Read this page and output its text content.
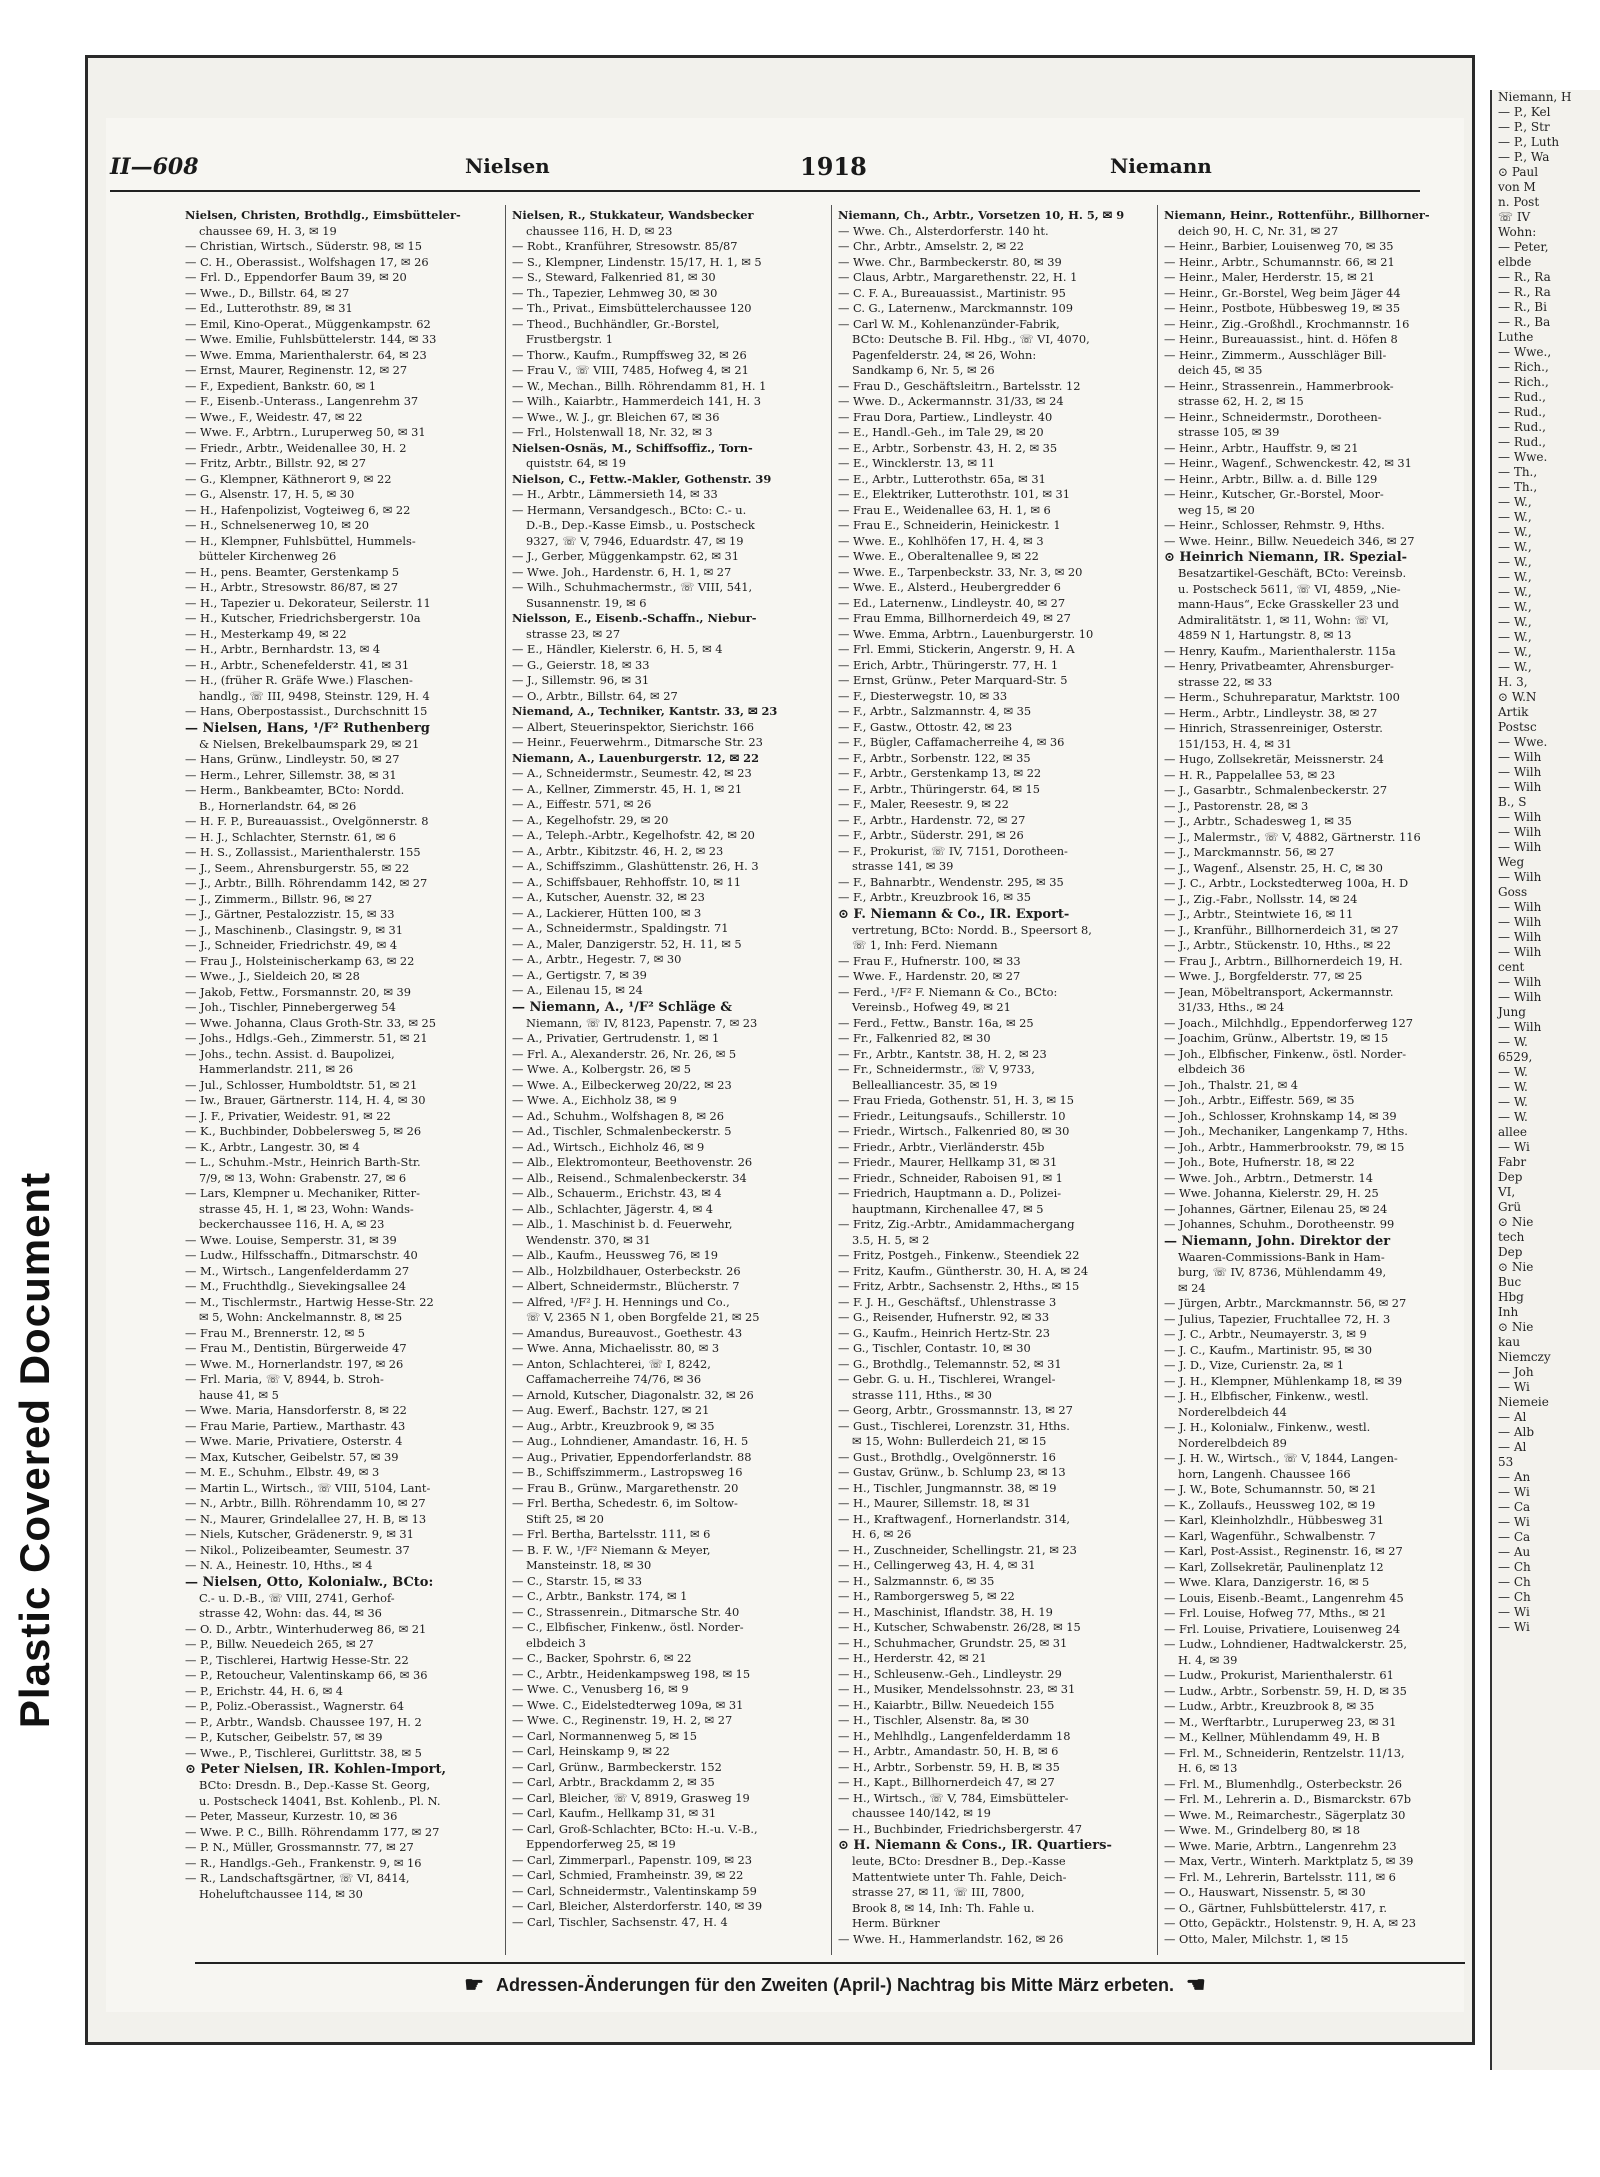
Plastic Covered Document
Niemann, H
— P., Kel
— P., Str
— P., Luth
— P., Wa
⊙ Paul
von M
n. Post
☏ IV
Wohn:
— Peter,
elbde
— R., Ra
— R., Ra
— R., Bi
— R., Ba
Luthe
— Wwe.,
— Rich.,
— Rich.,
— Rud.,
— Rud.,
— Rud.,
— Rud.,
— Wwe.
— Th.,
— Th.,
— W.,
— W.,
— W.,
— W.,
— W.,
— W.,
— W.,
— W.,
— W.,
— W.,
— W.,
— W.,
H. 3,
⊙ W.N
Artik
Postsc
— Wwe.
— Wilh
— Wilh
— Wilh
B., S
— Wilh
— Wilh
— Wilh
Weg
— Wilh
Goss
— Wilh
— Wilh
— Wilh
— Wilh
cent
— Wilh
— Wilh
Jung
— Wilh
— W.
6529,
— W.
— W.
— W.
— W.
allee
— Wi
Fabr
Dep
VI,
Grü
⊙ Nie
tech
Dep
⊙ Nie
Buc
Hbg
Inh
⊙ Nie
kau
Niemczy
— Joh
— Wi
Niemeie
— Al
— Alb
— Al
53
— An
— Wi
— Ca
— Wi
— Ca
— Au
— Ch
— Ch
— Ch
— Wi
— Wi
II—608	Nielsen	1918	Niemann
Nielsen, Christen, Brothdlg., Eimsbütteler-
chaussee 69, H. 3, ✉ 19
— Christian, Wirtsch., Süderstr. 98, ✉ 15
— C. H., Oberassist., Wolfshagen 17, ✉ 26
— Frl. D., Eppendorfer Baum 39, ✉ 20
— Wwe., D., Billstr. 64, ✉ 27
— Ed., Lutterothstr. 89, ✉ 31
— Emil, Kino-Operat., Müggenkampstr. 62
— Wwe. Emilie, Fuhlsbüttelerstr. 144, ✉ 33
— Wwe. Emma, Marienthalerstr. 64, ✉ 23
— Ernst, Maurer, Reginenstr. 12, ✉ 27
— F., Expedient, Bankstr. 60, ✉ 1
— F., Eisenb.-Unterass., Langenrehm 37
— Wwe., F., Weidestr. 47, ✉ 22
— Wwe. F., Arbtrn., Luruperweg 50, ✉ 31
— Friedr., Arbtr., Weidenallee 30, H. 2
— Fritz, Arbtr., Billstr. 92, ✉ 27
— G., Klempner, Käthnerort 9, ✉ 22
— G., Alsenstr. 17, H. 5, ✉ 30
— H., Hafenpolizist, Vogteiweg 6, ✉ 22
— H., Schnelsenerweg 10, ✉ 20
— H., Klempner, Fuhlsbüttel, Hummels-
bütteler Kirchenweg 26
— H., pens. Beamter, Gerstenkamp 5
— H., Arbtr., Stresowstr. 86/87, ✉ 27
— H., Tapezier u. Dekorateur, Seilerstr. 11
— H., Kutscher, Friedrichsbergerstr. 10a
— H., Mesterkamp 49, ✉ 22
— H., Arbtr., Bernhardstr. 13, ✉ 4
— H., Arbtr., Schenefelderstr. 41, ✉ 31
— H., (früher R. Gräfe Wwe.) Flaschen-
handlg., ☏ III, 9498, Steinstr. 129, H. 4
— Hans, Oberpostassist., Durchschnitt 15
— Nielsen, Hans, ¹/F² Ruthenberg
& Nielsen, Brekelbaumspark 29, ✉ 21
— Hans, Grünw., Lindleystr. 50, ✉ 27
— Herm., Lehrer, Sillemstr. 38, ✉ 31
— Herm., Bankbeamter, BCto: Nordd.
B., Hornerlandstr. 64, ✉ 26
— H. F. P., Bureauassist., Ovelgönnerstr. 8
— H. J., Schlachter, Sternstr. 61, ✉ 6
— H. S., Zollassist., Marienthalerstr. 155
— J., Seem., Ahrensburgerstr. 55, ✉ 22
— J., Arbtr., Billh. Röhrendamm 142, ✉ 27
— J., Zimmerm., Billstr. 96, ✉ 27
— J., Gärtner, Pestalozzistr. 15, ✉ 33
— J., Maschinenb., Clasingstr. 9, ✉ 31
— J., Schneider, Friedrichstr. 49, ✉ 4
— Frau J., Holsteinischerkamp 63, ✉ 22
— Wwe., J., Sieldeich 20, ✉ 28
— Jakob, Fettw., Forsmannstr. 20, ✉ 39
— Joh., Tischler, Pinnebergerweg 54
— Wwe. Johanna, Claus Groth-Str. 33, ✉ 25
— Johs., Hdlgs.-Geh., Zimmerstr. 51, ✉ 21
— Johs., techn. Assist. d. Baupolizei,
Hammerlandstr. 211, ✉ 26
— Jul., Schlosser, Humboldtstr. 51, ✉ 21
— Iw., Brauer, Gärtnerstr. 114, H. 4, ✉ 30
— J. F., Privatier, Weidestr. 91, ✉ 22
— K., Buchbinder, Dobbelersweg 5, ✉ 26
— K., Arbtr., Langestr. 30, ✉ 4
— L., Schuhm.-Mstr., Heinrich Barth-Str.
7/9, ✉ 13, Wohn: Grabenstr. 27, ✉ 6
— Lars, Klempner u. Mechaniker, Ritter-
strasse 45, H. 1, ✉ 23, Wohn: Wands-
beckerchaussee 116, H. A, ✉ 23
— Wwe. Louise, Semperstr. 31, ✉ 39
— Ludw., Hilfsschaffn., Ditmarschstr. 40
— M., Wirtsch., Langenfelderdamm 27
— M., Fruchthdlg., Sievekingsallee 24
— M., Tischlermstr., Hartwig Hesse-Str. 22
✉ 5, Wohn: Anckelmannstr. 8, ✉ 25
— Frau M., Brennerstr. 12, ✉ 5
— Frau M., Dentistin, Bürgerweide 47
— Wwe. M., Hornerlandstr. 197, ✉ 26
— Frl. Maria, ☏ V, 8944, b. Stroh-
hause 41, ✉ 5
— Wwe. Maria, Hansdorferstr. 8, ✉ 22
— Frau Marie, Partiew., Marthastr. 43
— Wwe. Marie, Privatiere, Osterstr. 4
— Max, Kutscher, Geibelstr. 57, ✉ 39
— M. E., Schuhm., Elbstr. 49, ✉ 3
— Martin L., Wirtsch., ☏ VIII, 5104, Lant-
— N., Arbtr., Billh. Röhrendamm 10, ✉ 27
— N., Maurer, Grindelallee 27, H. B, ✉ 13
— Niels, Kutscher, Grädenerstr. 9, ✉ 31
— Nikol., Polizeibeamter, Seumestr. 37
— N. A., Heinestr. 10, Hths., ✉ 4
— Nielsen, Otto, Kolonialw., BCto:
C.- u. D.-B., ☏ VIII, 2741, Gerhof-
strasse 42, Wohn: das. 44, ✉ 36
— O. D., Arbtr., Winterhuderweg 86, ✉ 21
— P., Billw. Neuedeich 265, ✉ 27
— P., Tischlerei, Hartwig Hesse-Str. 22
— P., Retoucheur, Valentinskamp 66, ✉ 36
— P., Erichstr. 44, H. 6, ✉ 4
— P., Poliz.-Oberassist., Wagnerstr. 64
— P., Arbtr., Wandsb. Chaussee 197, H. 2
— P., Kutscher, Geibelstr. 57, ✉ 39
— Wwe., P., Tischlerei, Gurlittstr. 38, ✉ 5
⊙ Peter Nielsen, IR. Kohlen-Import,
BCto: Dresdn. B., Dep.-Kasse St. Georg,
u. Postscheck 14041, Bst. Kohlenb., Pl. N.
— Peter, Masseur, Kurzestr. 10, ✉ 36
— Wwe. P. C., Billh. Röhrendamm 177, ✉ 27
— P. N., Müller, Grossmannstr. 77, ✉ 27
— R., Handlgs.-Geh., Frankenstr. 9, ✉ 16
— R., Landschaftsgärtner, ☏ VI, 8414,
Hoheluftchaussee 114, ✉ 30
Nielsen, R., Stukkateur, Wandsbecker
chaussee 116, H. D, ✉ 23
— Robt., Kranführer, Stresowstr. 85/87
— S., Klempner, Lindenstr. 15/17, H. 1, ✉ 5
— S., Steward, Falkenried 81, ✉ 30
— Th., Tapezier, Lehmweg 30, ✉ 30
— Th., Privat., Eimsbüttelerchaussee 120
— Theod., Buchhändler, Gr.-Borstel,
Frustbergstr. 1
— Thorw., Kaufm., Rumpffsweg 32, ✉ 26
— Frau V., ☏ VIII, 7485, Hofweg 4, ✉ 21
— W., Mechan., Billh. Röhrendamm 81, H. 1
— Wilh., Kaiarbtr., Hammerdeich 141, H. 3
— Wwe., W. J., gr. Bleichen 67, ✉ 36
— Frl., Holstenwall 18, Nr. 32, ✉ 3
Nielsen-Osnäs, M., Schiffsoffiz., Torn-
quiststr. 64, ✉ 19
Nielson, C., Fettw.-Makler, Gothenstr. 39
— H., Arbtr., Lämmersieth 14, ✉ 33
— Hermann, Versandgesch., BCto: C.- u.
D.-B., Dep.-Kasse Eimsb., u. Postscheck
9327, ☏ V, 7946, Eduardstr. 47, ✉ 19
— J., Gerber, Müggenkampstr. 62, ✉ 31
— Wwe. Joh., Hardenstr. 6, H. 1, ✉ 27
— Wilh., Schuhmachermstr., ☏ VIII, 541,
Susannenstr. 19, ✉ 6
Nielsson, E., Eisenb.-Schaffn., Niebur-
strasse 23, ✉ 27
— E., Händler, Kielerstr. 6, H. 5, ✉ 4
— G., Geierstr. 18, ✉ 33
— J., Sillemstr. 96, ✉ 31
— O., Arbtr., Billstr. 64, ✉ 27
Niemand, A., Techniker, Kantstr. 33, ✉ 23
— Albert, Steuerinspektor, Sierichstr. 166
— Heinr., Feuerwehrm., Ditmarsche Str. 23
Niemann, A., Lauenburgerstr. 12, ✉ 22
— A., Schneidermstr., Seumestr. 42, ✉ 23
— A., Kellner, Zimmerstr. 45, H. 1, ✉ 21
— A., Eiffestr. 571, ✉ 26
— A., Kegelhofstr. 29, ✉ 20
— A., Teleph.-Arbtr., Kegelhofstr. 42, ✉ 20
— A., Arbtr., Kibitzstr. 46, H. 2, ✉ 23
— A., Schiffszimm., Glashüttenstr. 26, H. 3
— A., Schiffsbauer, Rehhoffstr. 10, ✉ 11
— A., Kutscher, Auenstr. 32, ✉ 23
— A., Lackierer, Hütten 100, ✉ 3
— A., Schneidermstr., Spaldingstr. 71
— A., Maler, Danzigerstr. 52, H. 11, ✉ 5
— A., Arbtr., Hegestr. 7, ✉ 30
— A., Gertigstr. 7, ✉ 39
— A., Eilenau 15, ✉ 24
— Niemann, A., ¹/F² Schläge &
Niemann, ☏ IV, 8123, Papenstr. 7, ✉ 23
— A., Privatier, Gertrudenstr. 1, ✉ 1
— Frl. A., Alexanderstr. 26, Nr. 26, ✉ 5
— Wwe. A., Kolbergstr. 26, ✉ 5
— Wwe. A., Eilbeckerweg 20/22, ✉ 23
— Wwe. A., Eichholz 38, ✉ 9
— Ad., Schuhm., Wolfshagen 8, ✉ 26
— Ad., Tischler, Schmalenbeckerstr. 5
— Ad., Wirtsch., Eichholz 46, ✉ 9
— Alb., Elektromonteur, Beethovenstr. 26
— Alb., Reisend., Schmalenbeckerstr. 34
— Alb., Schauerm., Erichstr. 43, ✉ 4
— Alb., Schlachter, Jägerstr. 4, ✉ 4
— Alb., 1. Maschinist b. d. Feuerwehr,
Wendenstr. 370, ✉ 31
— Alb., Kaufm., Heussweg 76, ✉ 19
— Alb., Holzbildhauer, Osterbeckstr. 26
— Albert, Schneidermstr., Blücherstr. 7
— Alfred, ¹/F² J. H. Hennings und Co.,
☏ V, 2365 N 1, oben Borgfelde 21, ✉ 25
— Amandus, Bureauvost., Goethestr. 43
— Wwe. Anna, Michaelisstr. 80, ✉ 3
— Anton, Schlachterei, ☏ I, 8242,
Caffamacherreihe 74/76, ✉ 36
— Arnold, Kutscher, Diagonalstr. 32, ✉ 26
— Aug. Ewerf., Bachstr. 127, ✉ 21
— Aug., Arbtr., Kreuzbrook 9, ✉ 35
— Aug., Lohndiener, Amandastr. 16, H. 5
— Aug., Privatier, Eppendorferlandstr. 88
— B., Schiffszimmerm., Lastropsweg 16
— Frau B., Grünw., Margarethenstr. 20
— Frl. Bertha, Schedestr. 6, im Soltow-
Stift 25, ✉ 20
— Frl. Bertha, Bartelsstr. 111, ✉ 6
— B. F. W., ¹/F² Niemann & Meyer,
Mansteinstr. 18, ✉ 30
— C., Starstr. 15, ✉ 33
— C., Arbtr., Bankstr. 174, ✉ 1
— C., Strassenrein., Ditmarsche Str. 40
— C., Elbfischer, Finkenw., östl. Norder-
elbdeich 3
— C., Backer, Spohrstr. 6, ✉ 22
— C., Arbtr., Heidenkampsweg 198, ✉ 15
— Wwe. C., Venusberg 16, ✉ 9
— Wwe. C., Eidelstedterweg 109a, ✉ 31
— Wwe. C., Reginenstr. 19, H. 2, ✉ 27
— Carl, Normannenweg 5, ✉ 15
— Carl, Heinskamp 9, ✉ 22
— Carl, Grünw., Barmbeckerstr. 152
— Carl, Arbtr., Brackdamm 2, ✉ 35
— Carl, Bleicher, ☏ V, 8919, Grasweg 19
— Carl, Kaufm., Hellkamp 31, ✉ 31
— Carl, Groß-Schlachter, BCto: H.-u. V.-B.,
Eppendorferweg 25, ✉ 19
— Carl, Zimmerparl., Papenstr. 109, ✉ 23
— Carl, Schmied, Framheinstr. 39, ✉ 22
— Carl, Schneidermstr., Valentinskamp 59
— Carl, Bleicher, Alsterdorferstr. 140, ✉ 39
— Carl, Tischler, Sachsenstr. 47, H. 4
Niemann, Ch., Arbtr., Vorsetzen 10, H. 5, ✉ 9
— Wwe. Ch., Alsterdorferstr. 140 ht.
— Chr., Arbtr., Amselstr. 2, ✉ 22
— Wwe. Chr., Barmbeckerstr. 80, ✉ 39
— Claus, Arbtr., Margarethenstr. 22, H. 1
— C. F. A., Bureauassist., Martinistr. 95
— C. G., Laternenw., Marckmannstr. 109
— Carl W. M., Kohlenanzünder-Fabrik,
BCto: Deutsche B. Fil. Hbg., ☏ VI, 4070,
Pagenfelderstr. 24, ✉ 26, Wohn:
Sandkamp 6, Nr. 5, ✉ 26
— Frau D., Geschäftsleitrn., Bartelsstr. 12
— Wwe. D., Ackermannstr. 31/33, ✉ 24
— Frau Dora, Partiew., Lindleystr. 40
— E., Handl.-Geh., im Tale 29, ✉ 20
— E., Arbtr., Sorbenstr. 43, H. 2, ✉ 35
— E., Wincklerstr. 13, ✉ 11
— E., Arbtr., Lutterothstr. 65a, ✉ 31
— E., Elektriker, Lutterothstr. 101, ✉ 31
— Frau E., Weidenallee 63, H. 1, ✉ 6
— Frau E., Schneiderin, Heinickestr. 1
— Wwe. E., Kohlhöfen 17, H. 4, ✉ 3
— Wwe. E., Oberaltenallee 9, ✉ 22
— Wwe. E., Tarpenbeckstr. 33, Nr. 3, ✉ 20
— Wwe. E., Alsterd., Heubergredder 6
— Ed., Laternenw., Lindleystr. 40, ✉ 27
— Frau Emma, Billhornerdeich 49, ✉ 27
— Wwe. Emma, Arbtrn., Lauenburgerstr. 10
— Frl. Emmi, Stickerin, Angerstr. 9, H. A
— Erich, Arbtr., Thüringerstr. 77, H. 1
— Ernst, Grünw., Peter Marquard-Str. 5
— F., Diesterwegstr. 10, ✉ 33
— F., Arbtr., Salzmannstr. 4, ✉ 35
— F., Gastw., Ottostr. 42, ✉ 23
— F., Bügler, Caffamacherreihe 4, ✉ 36
— F., Arbtr., Sorbenstr. 122, ✉ 35
— F., Arbtr., Gerstenkamp 13, ✉ 22
— F., Arbtr., Thüringerstr. 64, ✉ 15
— F., Maler, Reesestr. 9, ✉ 22
— F., Arbtr., Hardenstr. 72, ✉ 27
— F., Arbtr., Süderstr. 291, ✉ 26
— F., Prokurist, ☏ IV, 7151, Dorotheen-
strasse 141, ✉ 39
— F., Bahnarbtr., Wendenstr. 295, ✉ 35
— F., Arbtr., Kreuzbrook 16, ✉ 35
⊙ F. Niemann & Co., IR. Export-
vertretung, BCto: Nordd. B., Speersort 8,
☏ 1, Inh: Ferd. Niemann
— Frau F., Hufnerstr. 100, ✉ 33
— Wwe. F., Hardenstr. 20, ✉ 27
— Ferd., ¹/F² F. Niemann & Co., BCto:
Vereinsb., Hofweg 49, ✉ 21
— Ferd., Fettw., Banstr. 16a, ✉ 25
— Fr., Falkenried 82, ✉ 30
— Fr., Arbtr., Kantstr. 38, H. 2, ✉ 23
— Fr., Schneidermstr., ☏ V, 9733,
Bellealliancestr. 35, ✉ 19
— Frau Frieda, Gothenstr. 51, H. 3, ✉ 15
— Friedr., Leitungsaufs., Schillerstr. 10
— Friedr., Wirtsch., Falkenried 80, ✉ 30
— Friedr., Arbtr., Vierländerstr. 45b
— Friedr., Maurer, Hellkamp 31, ✉ 31
— Friedr., Schneider, Raboisen 91, ✉ 1
— Friedrich, Hauptmann a. D., Polizei-
hauptmann, Kirchenallee 47, ✉ 5
— Fritz, Zig.-Arbtr., Amidammachergang
3.5, H. 5, ✉ 2
— Fritz, Postgeh., Finkenw., Steendiek 22
— Fritz, Kaufm., Güntherstr. 30, H. A, ✉ 24
— Fritz, Arbtr., Sachsenstr. 2, Hths., ✉ 15
— F. J. H., Geschäftsf., Uhlenstrasse 3
— G., Reisender, Hufnerstr. 92, ✉ 33
— G., Kaufm., Heinrich Hertz-Str. 23
— G., Tischler, Contastr. 10, ✉ 30
— G., Brothdlg., Telemannstr. 52, ✉ 31
— Gebr. G. u. H., Tischlerei, Wrangel-
strasse 111, Hths., ✉ 30
— Georg, Arbtr., Grossmannstr. 13, ✉ 27
— Gust., Tischlerei, Lorenzstr. 31, Hths.
✉ 15, Wohn: Bullerdeich 21, ✉ 15
— Gust., Brothdlg., Ovelgönnerstr. 16
— Gustav, Grünw., b. Schlump 23, ✉ 13
— H., Tischler, Jungmannstr. 38, ✉ 19
— H., Maurer, Sillemstr. 18, ✉ 31
— H., Kraftwagenf., Hornerlandstr. 314,
H. 6, ✉ 26
— H., Zuschneider, Schellingstr. 21, ✉ 23
— H., Cellingerweg 43, H. 4, ✉ 31
— H., Salzmannstr. 6, ✉ 35
— H., Ramborgersweg 5, ✉ 22
— H., Maschinist, Iflandstr. 38, H. 19
— H., Kutscher, Schwabenstr. 26/28, ✉ 15
— H., Schuhmacher, Grundstr. 25, ✉ 31
— H., Herderstr. 42, ✉ 21
— H., Schleusenw.-Geh., Lindleystr. 29
— H., Musiker, Mendelssohnstr. 23, ✉ 31
— H., Kaiarbtr., Billw. Neuedeich 155
— H., Tischler, Alsenstr. 8a, ✉ 30
— H., Mehlhdlg., Langenfelderdamm 18
— H., Arbtr., Amandastr. 50, H. B, ✉ 6
— H., Arbtr., Sorbenstr. 59, H. B, ✉ 35
— H., Kapt., Billhornerdeich 47, ✉ 27
— H., Wirtsch., ☏ V, 784, Eimsbütteler-
chaussee 140/142, ✉ 19
— H., Buchbinder, Friedrichsbergerstr. 47
⊙ H. Niemann & Cons., IR. Quartiers-
leute, BCto: Dresdner B., Dep.-Kasse
Mattentwiete unter Th. Fahle, Deich-
strasse 27, ✉ 11, ☏ III, 7800,
Brook 8, ✉ 14, Inh: Th. Fahle u.
Herm. Bürkner
— Wwe. H., Hammerlandstr. 162, ✉ 26
Niemann, Heinr., Rottenführ., Billhorner-
deich 90, H. C, Nr. 31, ✉ 27
— Heinr., Barbier, Louisenweg 70, ✉ 35
— Heinr., Arbtr., Schumannstr. 66, ✉ 21
— Heinr., Maler, Herderstr. 15, ✉ 21
— Heinr., Gr.-Borstel, Weg beim Jäger 44
— Heinr., Postbote, Hübbesweg 19, ✉ 35
— Heinr., Zig.-Großhdl., Krochmannstr. 16
— Heinr., Bureauassist., hint. d. Höfen 8
— Heinr., Zimmerm., Ausschläger Bill-
deich 45, ✉ 35
— Heinr., Strassenrein., Hammerbrook-
strasse 62, H. 2, ✉ 15
— Heinr., Schneidermstr., Dorotheen-
strasse 105, ✉ 39
— Heinr., Arbtr., Hauffstr. 9, ✉ 21
— Heinr., Wagenf., Schwenckestr. 42, ✉ 31
— Heinr., Arbtr., Billw. a. d. Bille 129
— Heinr., Kutscher, Gr.-Borstel, Moor-
weg 15, ✉ 20
— Heinr., Schlosser, Rehmstr. 9, Hths.
— Wwe. Heinr., Billw. Neuedeich 346, ✉ 27
⊙ Heinrich Niemann, IR. Spezial-
Besatzartikel-Geschäft, BCto: Vereinsb.
u. Postscheck 5611, ☏ VI, 4859, „Nie-
mann-Haus“, Ecke Grasskeller 23 und
Admiralitätstr. 1, ✉ 11, Wohn: ☏ VI,
4859 N 1, Hartungstr. 8, ✉ 13
— Henry, Kaufm., Marienthalerstr. 115a
— Henry, Privatbeamter, Ahrensburger-
strasse 22, ✉ 33
— Herm., Schuhreparatur, Marktstr. 100
— Herm., Arbtr., Lindleystr. 38, ✉ 27
— Hinrich, Strassenreiniger, Osterstr.
151/153, H. 4, ✉ 31
— Hugo, Zollsekretär, Meissnerstr. 24
— H. R., Pappelallee 53, ✉ 23
— J., Gasarbtr., Schmalenbeckerstr. 27
— J., Pastorenstr. 28, ✉ 3
— J., Arbtr., Schadesweg 1, ✉ 35
— J., Malermstr., ☏ V, 4882, Gärtnerstr. 116
— J., Marckmannstr. 56, ✉ 27
— J., Wagenf., Alsenstr. 25, H. C, ✉ 30
— J. C., Arbtr., Lockstedterweg 100a, H. D
— J., Zig.-Fabr., Nollsstr. 14, ✉ 24
— J., Arbtr., Steintwiete 16, ✉ 11
— J., Kranführ., Billhornerdeich 31, ✉ 27
— J., Arbtr., Stückenstr. 10, Hths., ✉ 22
— Frau J., Arbtrn., Billhornerdeich 19, H.
— Wwe. J., Borgfelderstr. 77, ✉ 25
— Jean, Möbeltransport, Ackermannstr.
31/33, Hths., ✉ 24
— Joach., Milchhdlg., Eppendorferweg 127
— Joachim, Grünw., Albertstr. 19, ✉ 15
— Joh., Elbfischer, Finkenw., östl. Norder-
elbdeich 36
— Joh., Thalstr. 21, ✉ 4
— Joh., Arbtr., Eiffestr. 569, ✉ 35
— Joh., Schlosser, Krohnskamp 14, ✉ 39
— Joh., Mechaniker, Langenkamp 7, Hths.
— Joh., Arbtr., Hammerbrookstr. 79, ✉ 15
— Joh., Bote, Hufnerstr. 18, ✉ 22
— Wwe. Joh., Arbtrn., Detmerstr. 14
— Wwe. Johanna, Kielerstr. 29, H. 25
— Johannes, Gärtner, Eilenau 25, ✉ 24
— Johannes, Schuhm., Dorotheenstr. 99
— Niemann, John. Direktor der
Waaren-Commissions-Bank in Ham-
burg, ☏ IV, 8736, Mühlendamm 49,
✉ 24
— Jürgen, Arbtr., Marckmannstr. 56, ✉ 27
— Julius, Tapezier, Fruchtallee 72, H. 3
— J. C., Arbtr., Neumayerstr. 3, ✉ 9
— J. C., Kaufm., Martinistr. 95, ✉ 30
— J. D., Vize, Curienstr. 2a, ✉ 1
— J. H., Klempner, Mühlenkamp 18, ✉ 39
— J. H., Elbfischer, Finkenw., westl.
Norderelbdeich 44
— J. H., Kolonialw., Finkenw., westl.
Norderelbdeich 89
— J. H. W., Wirtsch., ☏ V, 1844, Langen-
horn, Langenh. Chaussee 166
— J. W., Bote, Schumannstr. 50, ✉ 21
— K., Zollaufs., Heussweg 102, ✉ 19
— Karl, Kleinholzhdlr., Hübbesweg 31
— Karl, Wagenführ., Schwalbenstr. 7
— Karl, Post-Assist., Reginenstr. 16, ✉ 27
— Karl, Zollsekretär, Paulinenplatz 12
— Wwe. Klara, Danzigerstr. 16, ✉ 5
— Louis, Eisenb.-Beamt., Langenrehm 45
— Frl. Louise, Hofweg 77, Mths., ✉ 21
— Frl. Louise, Privatiere, Louisenweg 24
— Ludw., Lohndiener, Hadtwalckerstr. 25,
H. 4, ✉ 39
— Ludw., Prokurist, Marienthalerstr. 61
— Ludw., Arbtr., Sorbenstr. 59, H. D, ✉ 35
— Ludw., Arbtr., Kreuzbrook 8, ✉ 35
— M., Werftarbtr., Luruperweg 23, ✉ 31
— M., Kellner, Mühlendamm 49, H. B
— Frl. M., Schneiderin, Rentzelstr. 11/13,
H. 6, ✉ 13
— Frl. M., Blumenhdlg., Osterbeckstr. 26
— Frl. M., Lehrerin a. D., Bismarckstr. 67b
— Wwe. M., Reimarchestr., Sägerplatz 30
— Wwe. M., Grindelberg 80, ✉ 18
— Wwe. Marie, Arbtrn., Langenrehm 23
— Max, Vertr., Winterh. Marktplatz 5, ✉ 39
— Frl. M., Lehrerin, Bartelsstr. 111, ✉ 6
— O., Hauswart, Nissenstr. 5, ✉ 30
— O., Gärtner, Fuhlsbüttelerstr. 417, r.
— Otto, Gepäcktr., Holstenstr. 9, H. A, ✉ 23
— Otto, Maler, Milchstr. 1, ✉ 15
☛ Adressen-Änderungen für den Zweiten (April-) Nachtrag bis Mitte März erbeten. ☚
